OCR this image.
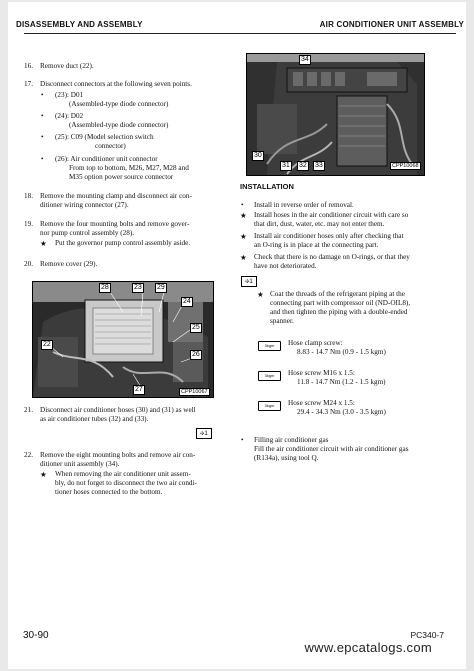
DISASSEMBLY AND ASSEMBLY	AIR CONDITIONER UNIT ASSEMBLY
16. Remove duct (22).
17. Disconnect connectors at the following seven points.
• (23): D01
(Assembled-type diode connector)
• (24): D02
(Assembled-type diode connector)
• (25): C09 (Model selection switch
connector)
• (26): Air conditioner unit connector
From top to bottom, M26, M27, M28 and
M35 option power source connector
18. Remove the mounting clamp and disconnect air con-
ditioner wiring connector (27).
19. Remove the four mounting bolts and remove gover-
nor pump control assembly (28).
★ Put the governor pump control assembly aside.
20. Remove cover (29).
28	23 29
24
25
22
26
27	CPP10067
21. Disconnect air conditioner hoses (30) and (31) as well
as air conditioner tubes (32) and (33).
✣1
22. Remove the eight mounting bolts and remove air con-
ditioner unit assembly (34).
★ When removing the air conditioner unit assem-
bly, do not forget to disconnect the two air condi-
tioner hoses connected to the bottom.
34
30
31 32 33	CPP10068
INSTALLATION
• Install in reverse order of removal.
★ Install hoses in the air conditioner circuit with care so
that dirt, dust, water, etc. may not enter them.
★ Install air conditioner hoses only after checking that
an O-ring is in place at the connecting part.
★ Check that there is no damage on O-rings, or that they
have not deteriorated.
✣1
★ Coat the threads of the refrigerant piping at the
connecting part with compressor oil (ND-OIL8),
and then tighten the piping with a double-ended
spanner.
3kgm	Hose clamp screw:
8.83 - 14.7 Nm (0.9 - 1.5 kgm)
3kgm	Hose screw M16 x 1.5:
11.8 - 14.7 Nm (1.2 - 1.5 kgm)
3kgm	Hose screw M24 x 1.5:
29.4 - 34.3 Nm (3.0 - 3.5 kgm)
• Filling air conditioner gas
Fill the air conditioner circuit with air conditioner gas
(R134a), using tool Q.
30-90	PC340-7
www.epcatalogs.com
